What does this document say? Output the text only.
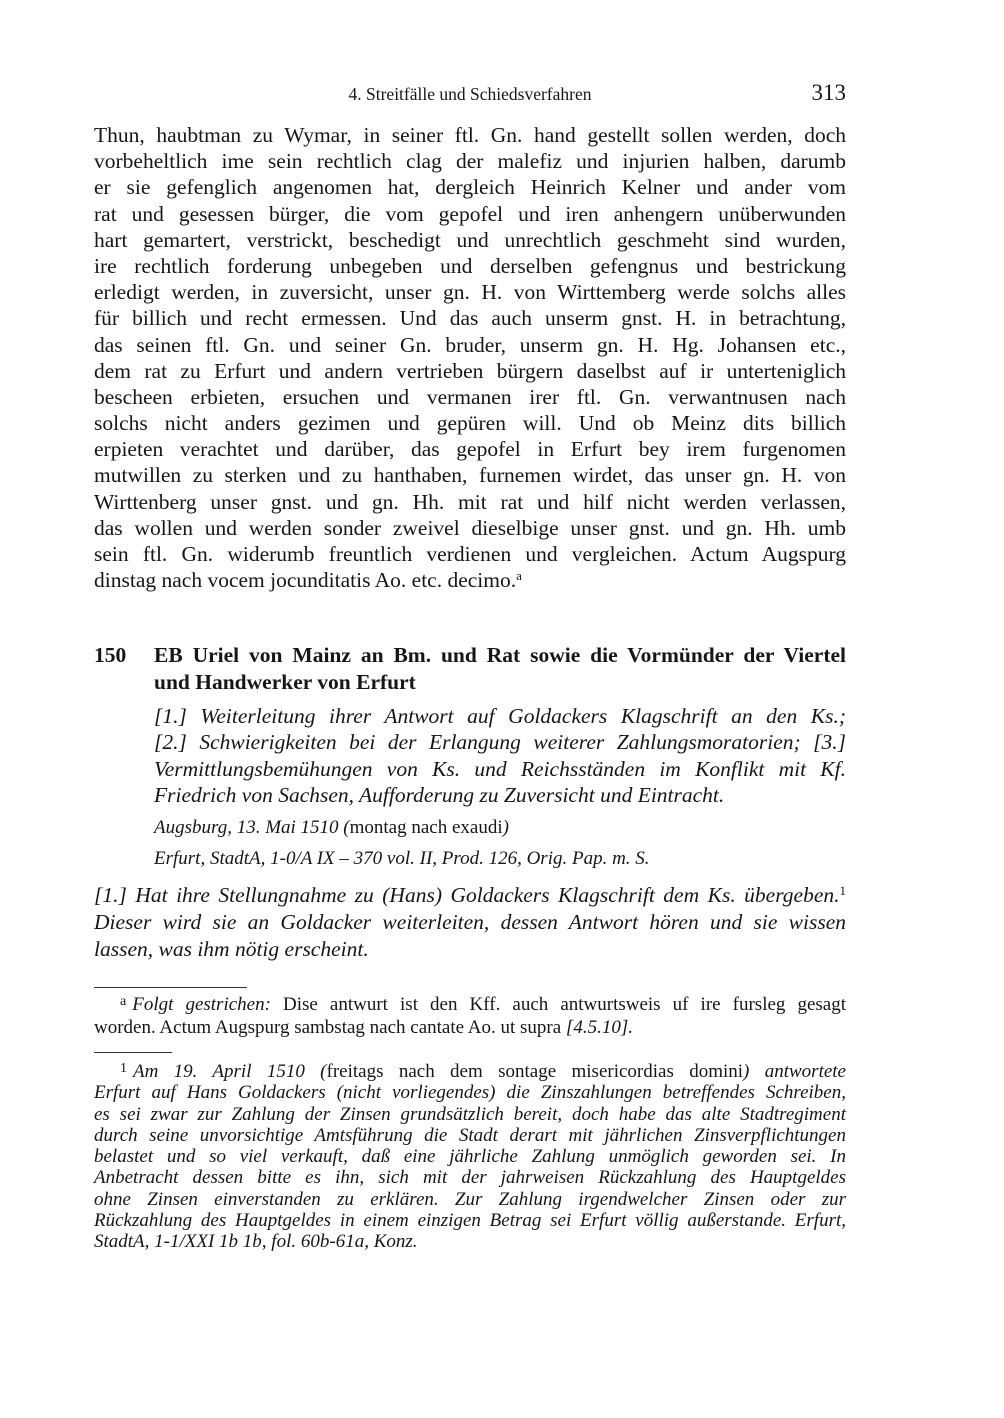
4. Streitfälle und Schiedsverfahren	313
Thun, haubtman zu Wymar, in seiner ftl. Gn. hand gestellt sollen werden, doch
vorbeheltlich ime sein rechtlich clag der malefiz und injurien halben, darumb
er sie gefenglich angenomen hat, dergleich Heinrich Kelner und ander vom
rat und gesessen bürger, die vom gepofel und iren anhengern unüberwunden
hart gemartert, verstrickt, beschedigt und unrechtlich geschmeht sind wurden,
ire rechtlich forderung unbegeben und derselben gefengnus und bestrickung
erledigt werden, in zuversicht, unser gn. H. von Wirttemberg werde solchs alles
für billich und recht ermessen. Und das auch unserm gnst. H. in betrachtung,
das seinen ftl. Gn. und seiner Gn. bruder, unserm gn. H. Hg. Johansen etc.,
dem rat zu Erfurt und andern vertrieben bürgern daselbst auf ir unterteniglich
bescheen erbieten, ersuchen und vermanen irer ftl. Gn. verwantnusen nach
solchs nicht anders gezimen und gepüren will. Und ob Meinz dits billich
erpieten verachtet und darüber, das gepofel in Erfurt bey irem furgenomen
mutwillen zu sterken und zu hanthaben, furnemen wirdet, das unser gn. H. von
Wirttenberg unser gnst. und gn. Hh. mit rat und hilf nicht werden verlassen,
das wollen und werden sonder zweivel dieselbige unser gnst. und gn. Hh. umb
sein ftl. Gn. widerumb freuntlich verdienen und vergleichen. Actum Augspurg
dinstag nach vocem jocunditatis Ao. etc. decimo.$^a$
150 EB Uriel von Mainz an Bm. und Rat sowie die Vormünder der Viertel
und Handwerker von Erfurt
[1.] Weiterleitung ihrer Antwort auf Goldackers Klagschrift an den Ks.;
[2.] Schwierigkeiten bei der Erlangung weiterer Zahlungsmoratorien; [3.]
Vermittlungsbemühungen von Ks. und Reichsständen im Konflikt mit Kf.
Friedrich von Sachsen, Aufforderung zu Zuversicht und Eintracht.
Augsburg, 13. Mai 1510 (montag nach exaudi)
Erfurt, StadtA, 1-0/A IX – 370 vol. II, Prod. 126, Orig. Pap. m. S.
[1.] Hat ihre Stellungnahme zu (Hans) Goldackers Klagschrift dem Ks. übergeben.$^1$
Dieser wird sie an Goldacker weiterleiten, dessen Antwort hören und sie wissen
lassen, was ihm nötig erscheint.
$^a$ Folgt gestrichen: Dise antwurt ist den Kff. auch antwurtsweis uf ire fursleg gesagt
worden. Actum Augspurg sambstag nach cantate Ao. ut supra [4.5.10].
$^1$ Am 19. April 1510 (freitags nach dem sontage misericordias domini) antwortete
Erfurt auf Hans Goldackers (nicht vorliegendes) die Zinszahlungen betreffendes Schreiben,
es sei zwar zur Zahlung der Zinsen grundsätzlich bereit, doch habe das alte Stadtregiment
durch seine unvorsichtige Amtsführung die Stadt derart mit jährlichen Zinsverpflichtungen
belastet und so viel verkauft, daß eine jährliche Zahlung unmöglich geworden sei. In
Anbetracht dessen bitte es ihn, sich mit der jahrweisen Rückzahlung des Hauptgeldes
ohne Zinsen einverstanden zu erklären. Zur Zahlung irgendwelcher Zinsen oder zur
Rückzahlung des Hauptgeldes in einem einzigen Betrag sei Erfurt völlig außerstande. Erfurt,
StadtA, 1-1/XXI 1b 1b, fol. 60b-61a, Konz.
